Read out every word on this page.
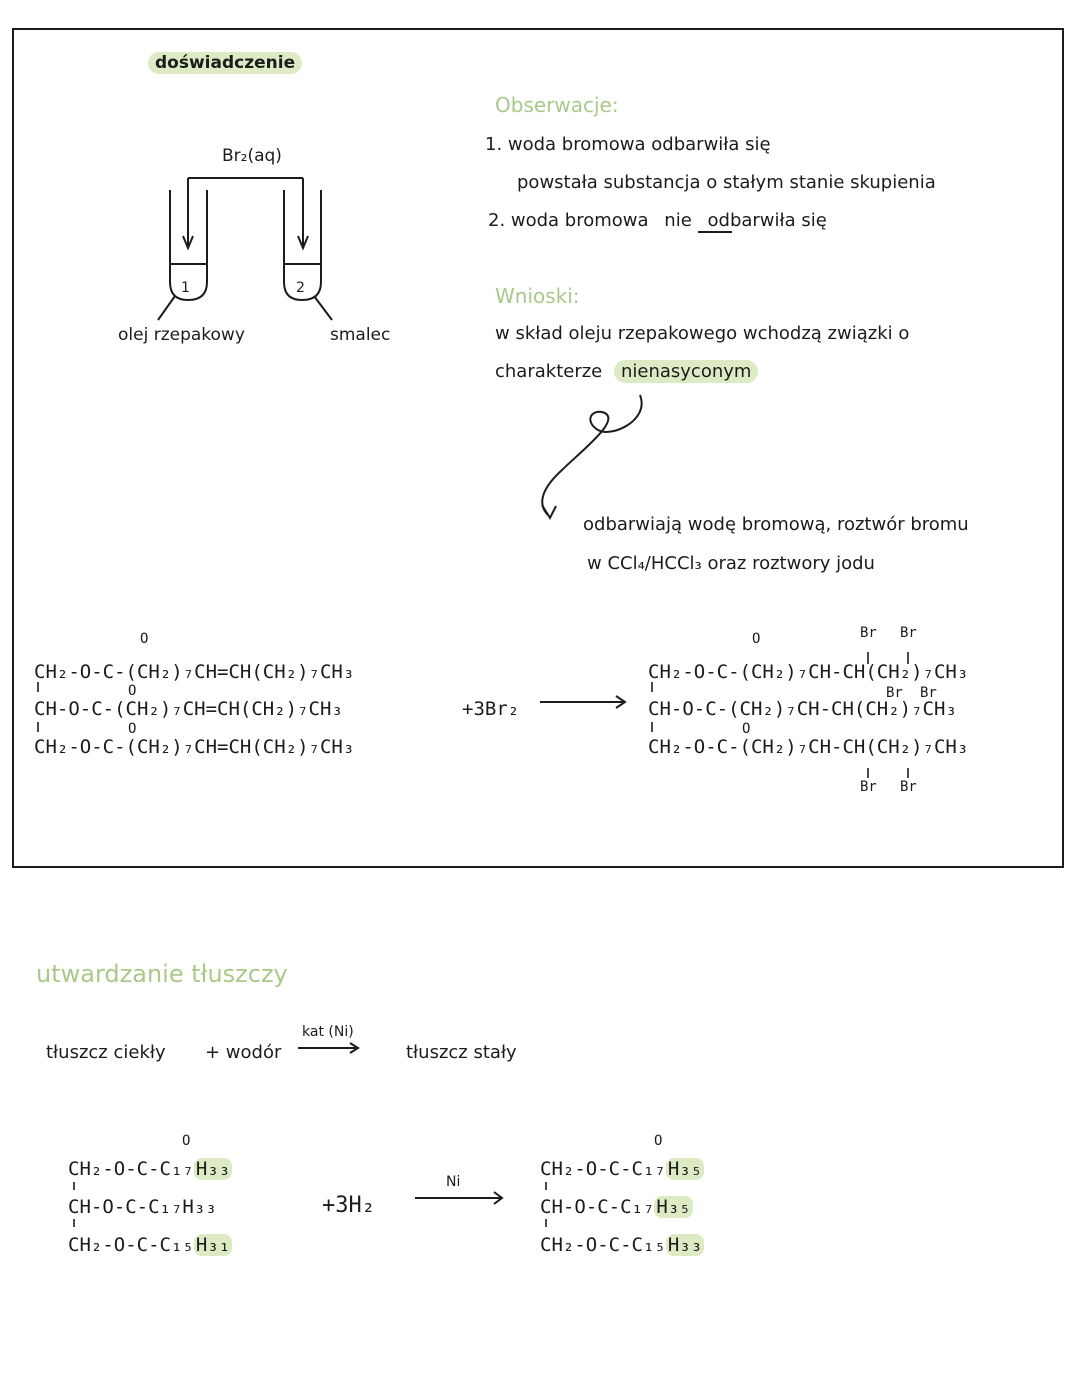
doświadczenie
Br₂(aq)
1	2
olej rzepakowy	smalec
Obserwacje:
1. woda bromowa odbarwiła się
powstała substancja o stałym stanie skupienia
2. woda bromowa nie odbarwiła się
Wnioski:
w skład oleju rzepakowego wchodzą związki o
charakterze nienasyconym
odbarwiają wodę bromową, roztwór bromu
w CCl₄/HCCl₃ oraz roztwory jodu
O
CH₂-O-C-(CH₂)₇CH=CH(CH₂)₇CH₃
O
CH-O-C-(CH₂)₇CH=CH(CH₂)₇CH₃
O
CH₂-O-C-(CH₂)₇CH=CH(CH₂)₇CH₃
+3Br₂
O	Br Br
CH₂-O-C-(CH₂)₇CH-CH(CH₂)₇CH₃
Br Br
CH-O-C-(CH₂)₇CH-CH(CH₂)₇CH₃
O
CH₂-O-C-(CH₂)₇CH-CH(CH₂)₇CH₃
Br Br
utwardzanie tłuszczy
tłuszcz ciekły + wodór
kat (Ni)
tłuszcz stały
O
CH₂-O-C-C₁₇ H₃₃
CH-O-C-C₁₇H₃₃
CH₂-O-C-C₁₅ H₃₁
+3H₂
Ni
O
CH₂-O-C-C₁₇ H₃₅
CH-O-C-C₁₇ H₃₅
CH₂-O-C-C₁₅ H₃₃
